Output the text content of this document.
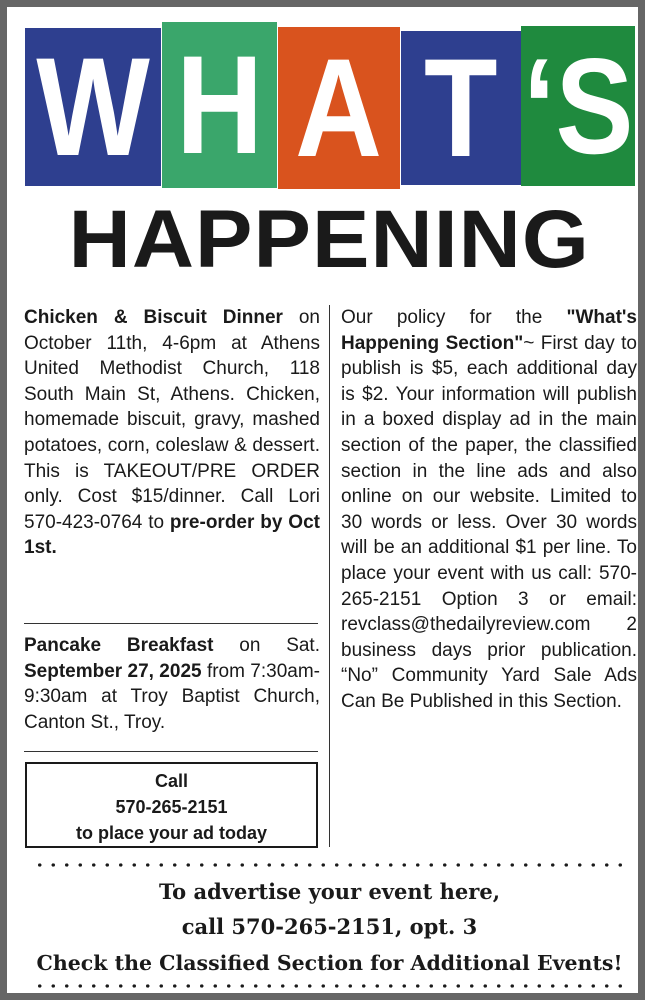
W H A T ‘S
HAPPENING

Chicken & Biscuit Dinner on October 11th, 4-6pm at Athens United Methodist Church, 118 South Main St, Athens. Chicken, homemade biscuit, gravy, mashed potatoes, corn, coleslaw & dessert. This is TAKEOUT/PRE ORDER only. Cost $15/dinner. Call Lori 570-423-0764 to pre-order by Oct 1st.

Pancake Breakfast on Sat. September 27, 2025 from 7:30am-9:30am at Troy Baptist Church, Canton St., Troy.

Call
570-265-2151
to place your ad today

Our policy for the "What's Happening Section"~ First day to publish is $5, each additional day is $2. Your information will publish in a boxed display ad in the main section of the paper, the classified section in the line ads and also online on our website. Limited to 30 words or less. Over 30 words will be an additional $1 per line. To place your event with us call: 570-265-2151 Option 3 or email: revclass@thedailyreview.com 2 business days prior publication. “No” Community Yard Sale Ads Can Be Published in this Section.

To advertise your event here,
call 570-265-2151, opt. 3
Check the Classified Section for Additional Events!
